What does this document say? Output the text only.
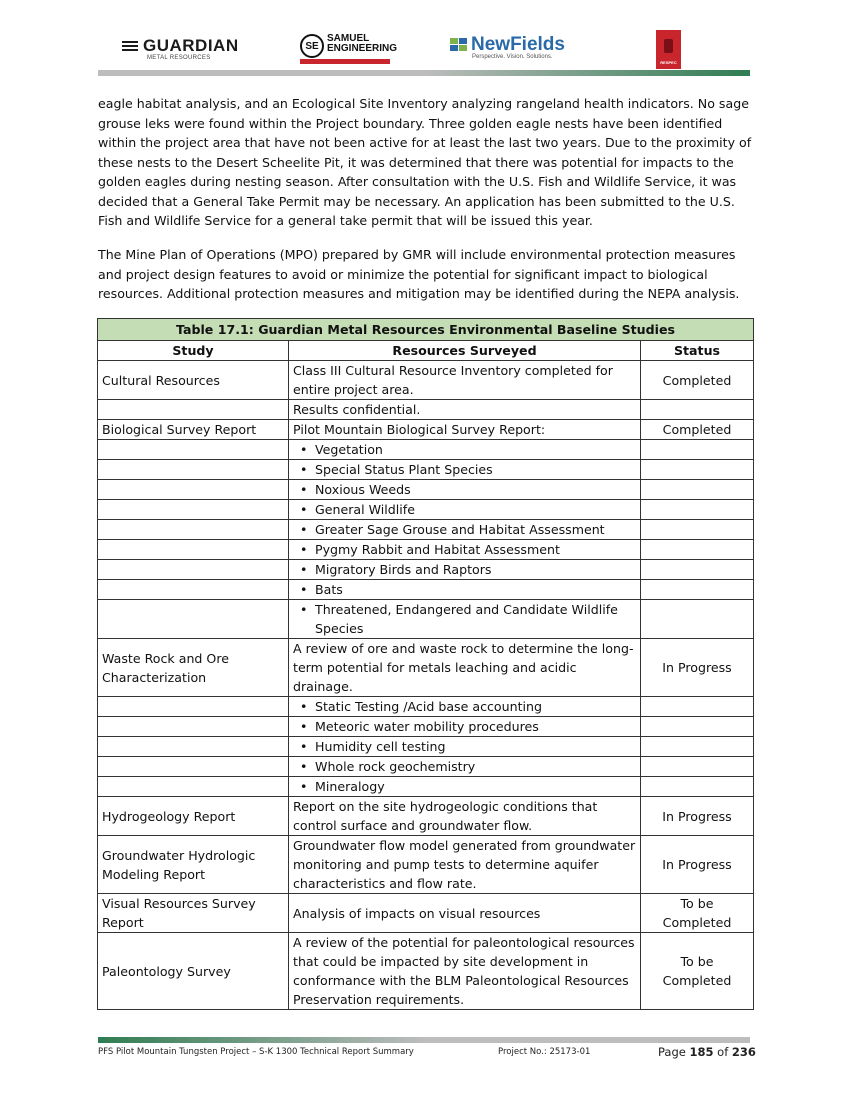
GUARDIAN
METAL RESOURCES
SE
SAMUEL
ENGINEERING	NewFields
Perspective. Vision. Solutions.
RESPEC

eagle habitat analysis, and an Ecological Site Inventory analyzing rangeland health indicators. No sage grouse leks were found within the Project boundary. Three golden eagle nests have been identified within the project area that have not been active for at least the last two years. Due to the proximity of these nests to the Desert Scheelite Pit, it was determined that there was potential for impacts to the golden eagles during nesting season. After consultation with the U.S. Fish and Wildlife Service, it was decided that a General Take Permit may be necessary. An application has been submitted to the U.S. Fish and Wildlife Service for a general take permit that will be issued this year.

The Mine Plan of Operations (MPO) prepared by GMR will include environmental protection measures and project design features to avoid or minimize the potential for significant impact to biological resources. Additional protection measures and mitigation may be identified during the NEPA analysis.

Table 17.1: Guardian Metal Resources Environmental Baseline Studies		
Study	Resources Surveyed	Status
Cultural Resources	Class III Cultural Resource Inventory completed for entire project area.	Completed
	Results confidential.	
Biological Survey Report	Pilot Mountain Biological Survey Report:	Completed
	• Vegetation	
	• Special Status Plant Species	
	• Noxious Weeds	
	• General Wildlife	
	• Greater Sage Grouse and Habitat Assessment	
	• Pygmy Rabbit and Habitat Assessment	
	• Migratory Birds and Raptors	
	• Bats	
	• Threatened, Endangered and Candidate Wildlife Species	
Waste Rock and Ore Characterization	A review of ore and waste rock to determine the long-term potential for metals leaching and acidic drainage.	In Progress
	• Static Testing /Acid base accounting	
	• Meteoric water mobility procedures	
	• Humidity cell testing	
	• Whole rock geochemistry	
	• Mineralogy	
Hydrogeology Report	Report on the site hydrogeologic conditions that control surface and groundwater flow.	In Progress
Groundwater Hydrologic Modeling Report	Groundwater flow model generated from groundwater monitoring and pump tests to determine aquifer characteristics and flow rate.	In Progress
Visual Resources Survey Report	Analysis of impacts on visual resources	To be Completed
Paleontology Survey	A review of the potential for paleontological resources that could be impacted by site development in conformance with the BLM Paleontological Resources Preservation requirements.	To be Completed
PFS Pilot Mountain Tungsten Project – S-K 1300 Technical Report Summary	Project No.: 25173-01	Page 185 of 236
